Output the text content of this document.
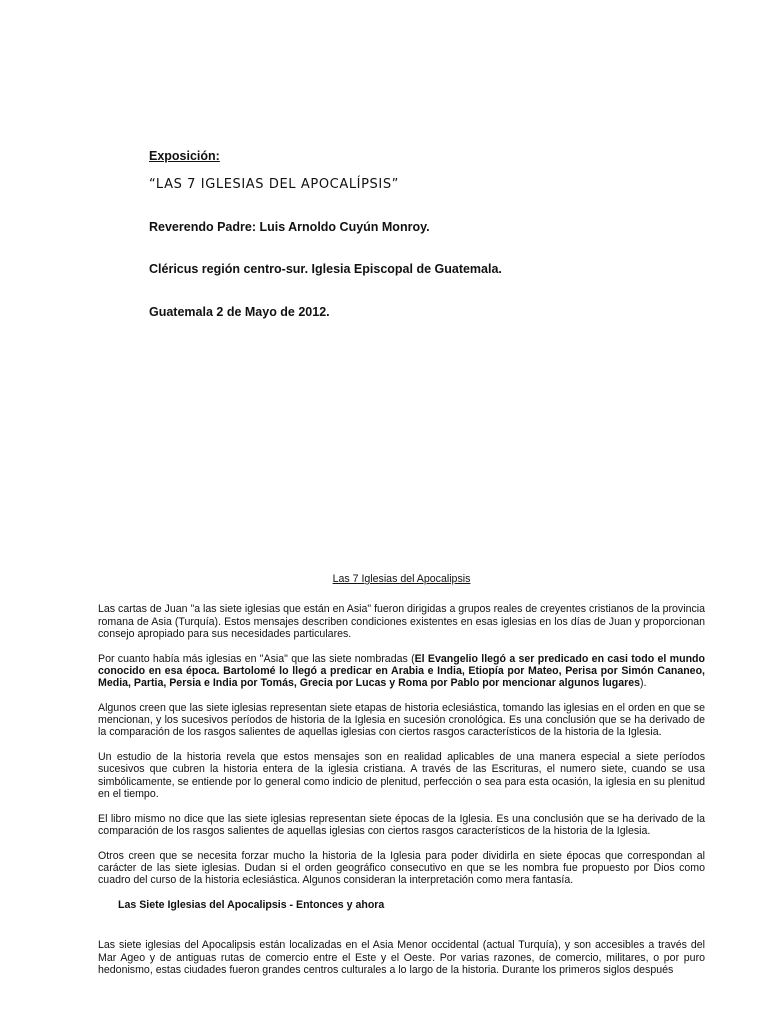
Exposición:
“LAS 7 IGLESIAS DEL APOCALÍPSIS”
Reverendo Padre: Luis Arnoldo Cuyún Monroy.
Cléricus región centro-sur. Iglesia Episcopal de Guatemala.
Guatemala 2 de Mayo de 2012.
Las 7 Iglesias del Apocalipsis

Las cartas de Juan "a las siete iglesias que están en Asia" fueron dirigidas a grupos reales de creyentes cristianos de la provincia romana de Asia (Turquía). Estos mensajes describen condiciones existentes en esas iglesias en los días de Juan y proporcionan consejo apropiado para sus necesidades particulares.

Por cuanto había más iglesias en "Asia" que las siete nombradas (El Evangelio llegó a ser predicado en casi todo el mundo conocido en esa época. Bartolomé lo llegó a predicar en Arabia e India, Etiopía por Mateo, Perisa por Simón Cananeo, Media, Partia, Persia e India por Tomás, Grecia por Lucas y Roma por Pablo por mencionar algunos lugares).

Algunos creen que las siete iglesias representan siete etapas de historia eclesiástica, tomando las iglesias en el orden en que se mencionan, y los sucesivos períodos de historia de la Iglesia en sucesión cronológica. Es una conclusión que se ha derivado de la comparación de los rasgos salientes de aquellas iglesias con ciertos rasgos característicos de la historia de la Iglesia.

Un estudio de la historia revela que estos mensajes son en realidad aplicables de una manera especial a siete períodos sucesivos que cubren la historia entera de la iglesia cristiana. A través de las Escrituras, el numero siete, cuando se usa simbólicamente, se entiende por lo general como indicio de plenitud, perfección o sea para esta ocasión, la iglesia en su plenitud en el tiempo.

El libro mismo no dice que las siete iglesias representan siete épocas de la Iglesia. Es una conclusión que se ha derivado de la comparación de los rasgos salientes de aquellas iglesias con ciertos rasgos característicos de la historia de la Iglesia.

Otros creen que se necesita forzar mucho la historia de la Iglesia para poder dividirla en siete épocas que correspondan al carácter de las siete iglesias. Dudan si el orden geográfico consecutivo en que se les nombra fue propuesto por Dios como cuadro del curso de la historia eclesiástica. Algunos consideran la interpretación como mera fantasía.

Las Siete Iglesias del Apocalipsis - Entonces y ahora

Las siete iglesias del Apocalipsis están localizadas en el Asia Menor occidental (actual Turquía), y son accesibles a través del Mar Ageo y de antiguas rutas de comercio entre el Este y el Oeste. Por varias razones, de comercio, militares, o por puro hedonismo, estas ciudades fueron grandes centros culturales a lo largo de la historia. Durante los primeros siglos después
